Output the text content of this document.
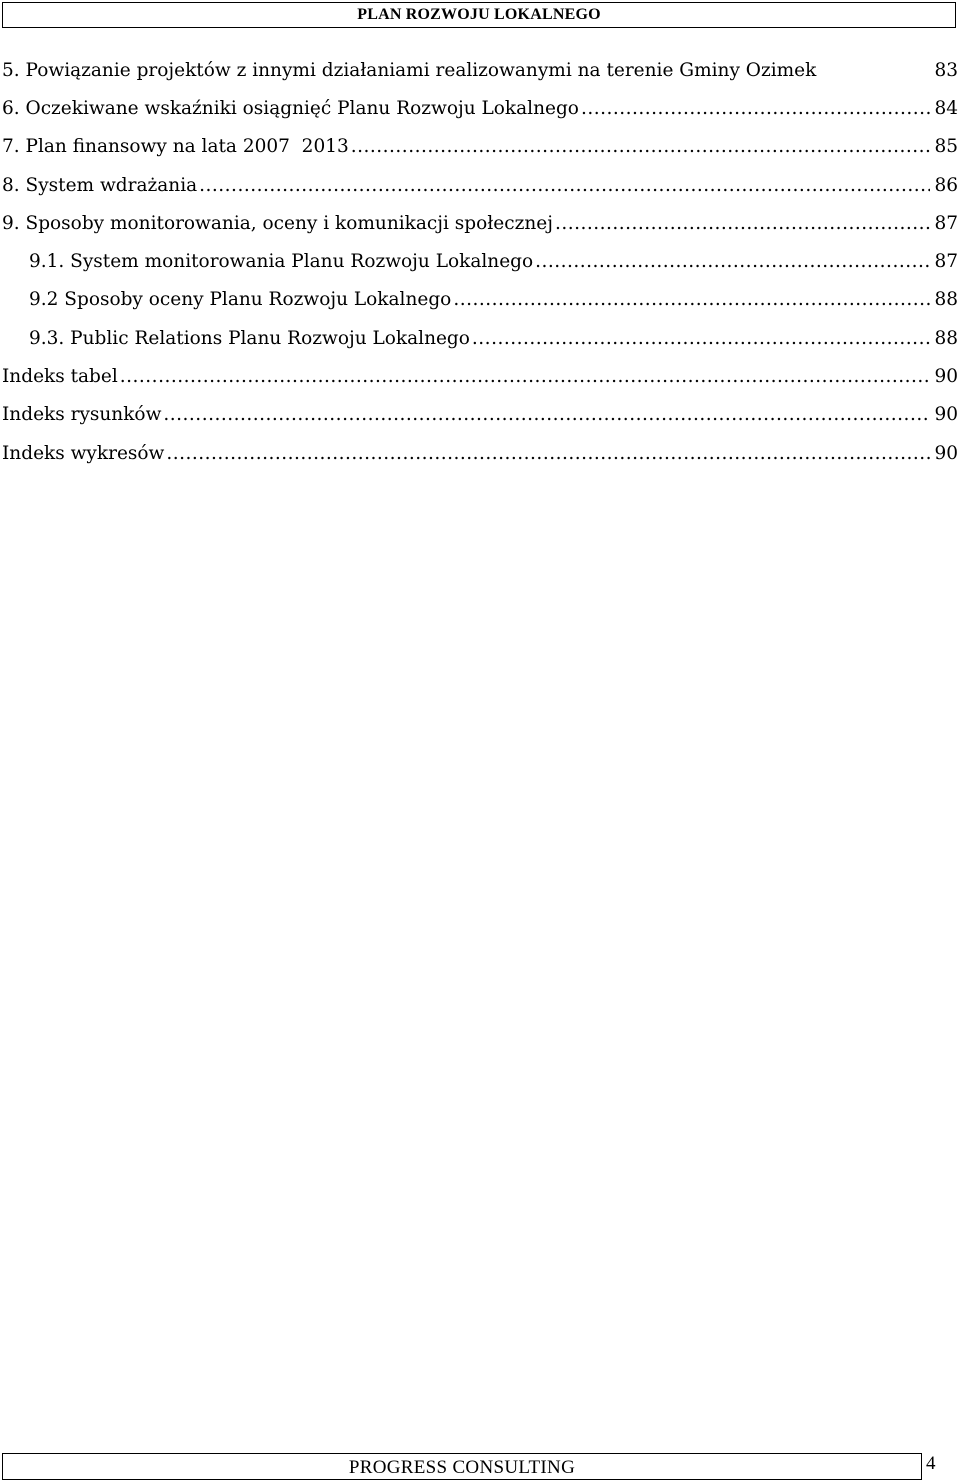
PLAN ROZWOJU LOKALNEGO
5. Powiązanie projektów z innymi działaniami realizowanymi na terenie Gminy Ozimek	83
6. Oczekiwane wskaźniki osiągnięć Planu Rozwoju Lokalnego .....	84
7. Plan finansowy na lata 2007  2013 .....	85
8. System wdrażania .....	86
9. Sposoby monitorowania, oceny i komunikacji społecznej .....	87
9.1. System monitorowania Planu Rozwoju Lokalnego .....	87
9.2 Sposoby oceny Planu Rozwoju Lokalnego .....	88
9.3. Public Relations Planu Rozwoju Lokalnego .....	88
Indeks tabel .....	90
Indeks rysunków .....	90
Indeks wykresów .....	90
PROGRESS CONSULTING	4
